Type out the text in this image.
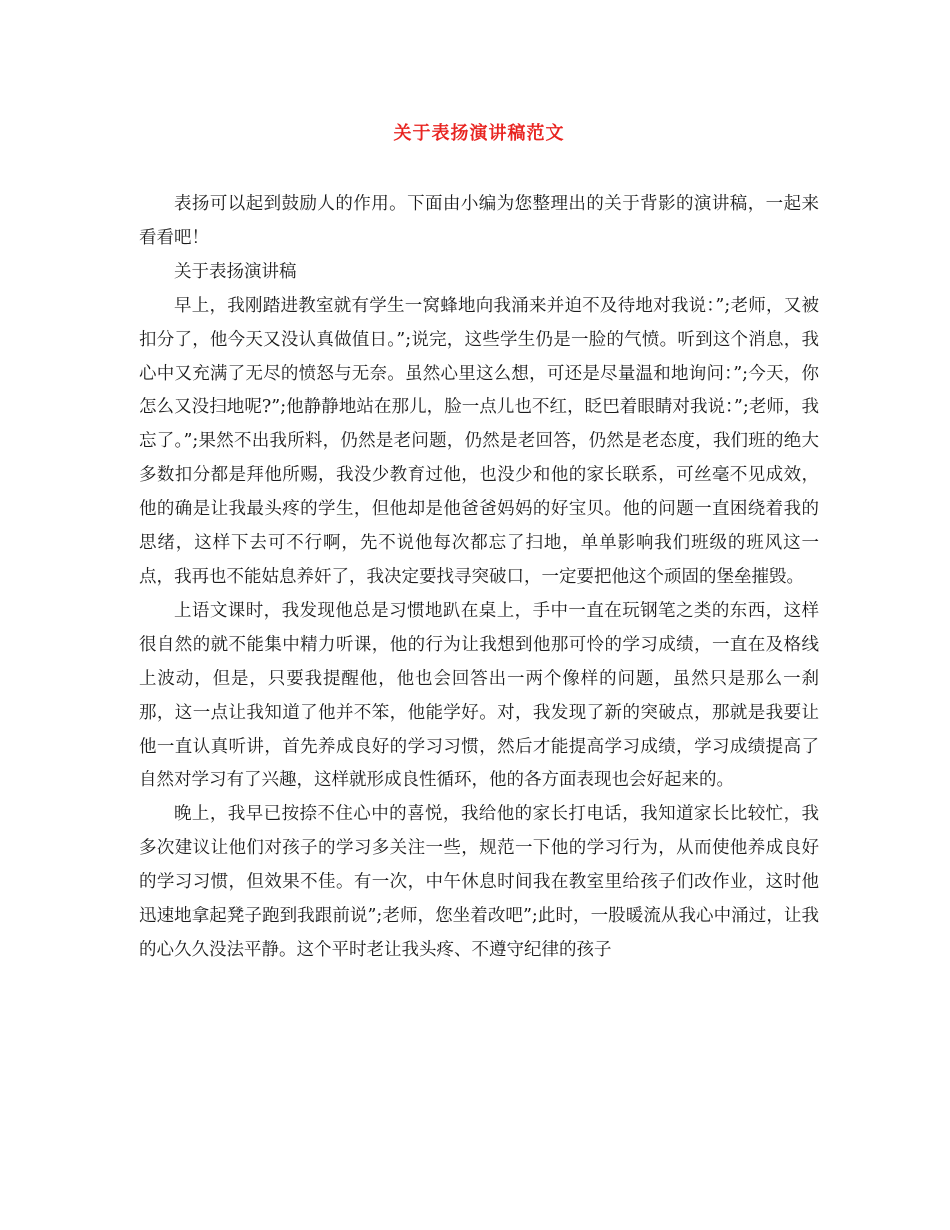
关于表扬演讲稿范文

表扬可以起到鼓励人的作用。下面由小编为您整理出的关于背影的演讲稿，一起来看看吧！

关于表扬演讲稿

早上，我刚踏进教室就有学生一窝蜂地向我涌来并迫不及待地对我说：”;老师，又被扣分了，他今天又没认真做值日。”;说完，这些学生仍是一脸的气愤。听到这个消息，我心中又充满了无尽的愤怒与无奈。虽然心里这么想，可还是尽量温和地询问：”;今天，你怎么又没扫地呢?”;他静静地站在那儿，脸一点儿也不红，眨巴着眼睛对我说：”;老师，我忘了。”;果然不出我所料，仍然是老问题，仍然是老回答，仍然是老态度，我们班的绝大多数扣分都是拜他所赐，我没少教育过他，也没少和他的家长联系，可丝毫不见成效，他的确是让我最头疼的学生，但他却是他爸爸妈妈的好宝贝。他的问题一直困绕着我的思绪，这样下去可不行啊，先不说他每次都忘了扫地，单单影响我们班级的班风这一点，我再也不能姑息养奸了，我决定要找寻突破口，一定要把他这个顽固的堡垒摧毁。

上语文课时，我发现他总是习惯地趴在桌上，手中一直在玩钢笔之类的东西，这样很自然的就不能集中精力听课，他的行为让我想到他那可怜的学习成绩，一直在及格线上波动，但是，只要我提醒他，他也会回答出一两个像样的问题，虽然只是那么一刹那，这一点让我知道了他并不笨，他能学好。对，我发现了新的突破点，那就是我要让他一直认真听讲，首先养成良好的学习习惯，然后才能提高学习成绩，学习成绩提高了自然对学习有了兴趣，这样就形成良性循环，他的各方面表现也会好起来的。

晚上，我早已按捺不住心中的喜悦，我给他的家长打电话，我知道家长比较忙，我多次建议让他们对孩子的学习多关注一些，规范一下他的学习行为，从而使他养成良好的学习习惯，但效果不佳。有一次，中午休息时间我在教室里给孩子们改作业，这时他迅速地拿起凳子跑到我跟前说”;老师，您坐着改吧”;此时，一股暖流从我心中涌过，让我的心久久没法平静。这个平时老让我头疼、不遵守纪律的孩子
